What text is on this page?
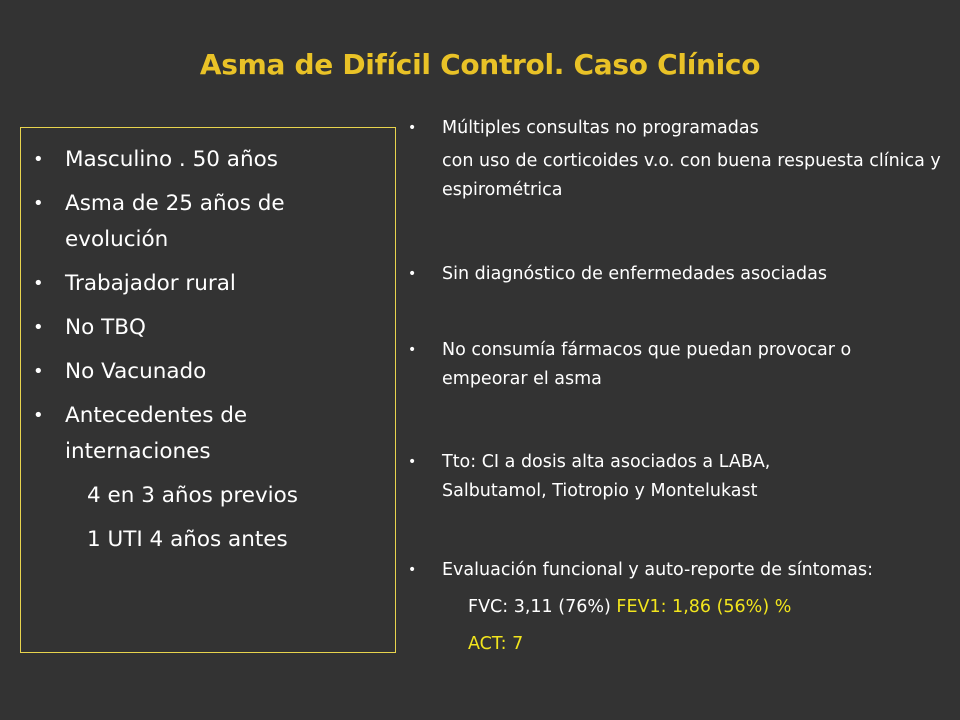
Asma de Difícil Control. Caso Clínico
• Masculino . 50 años
• Asma de 25 años de evolución
• Trabajador rural
• No TBQ
• No Vacunado
• Antecedentes de internaciones
4 en 3 años previos
1 UTI 4 años antes
•	Múltiples consultas no programadas
con uso de corticoides v.o. con buena respuesta clínica y espirométrica
•	Sin diagnóstico de enfermedades asociadas
•	No consumía fármacos que puedan provocar o empeorar el asma
•	Tto: CI a dosis alta asociados a LABA, Salbutamol, Tiotropio y Montelukast
•	Evaluación funcional y auto-reporte de síntomas:
FVC: 3,11 (76%) FEV1: 1,86 (56%) %
ACT: 7
